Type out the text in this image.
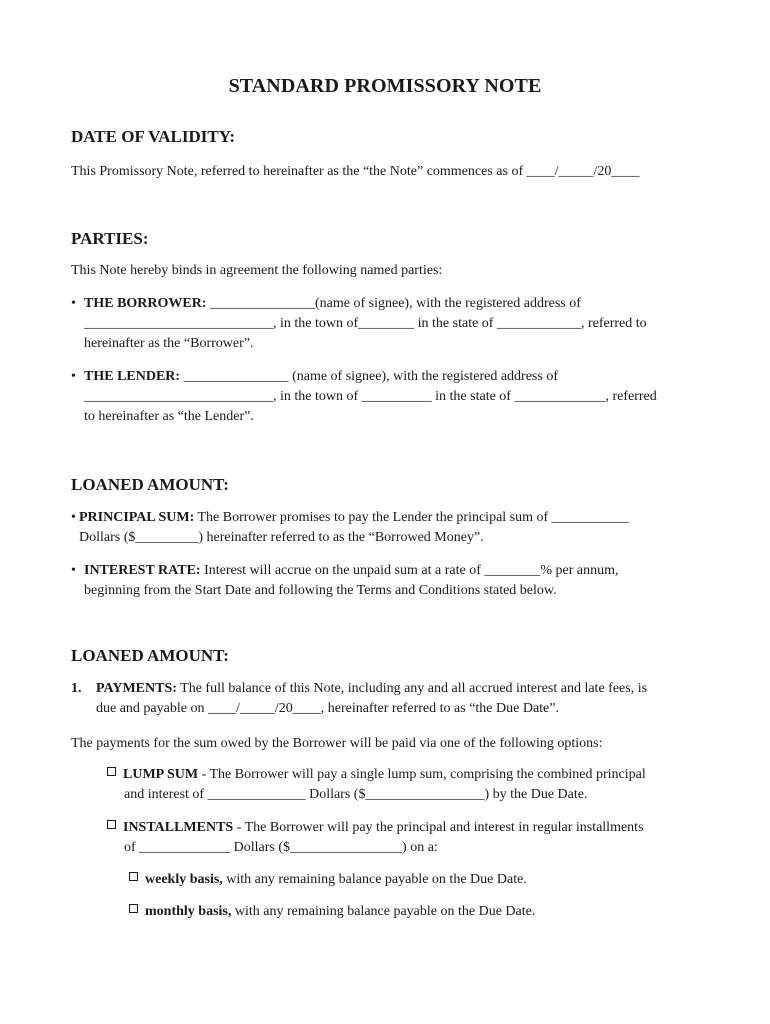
STANDARD PROMISSORY NOTE
DATE OF VALIDITY:
This Promissory Note, referred to hereinafter as the “the Note” commences as of ____/_____/20____
PARTIES:
This Note hereby binds in agreement the following named parties:
• THE BORROWER: _______________(name of signee), with the registered address of
___________________________, in the town of________ in the state of ____________, referred to
hereinafter as the “Borrower”.
• THE LENDER: _______________ (name of signee), with the registered address of
___________________________, in the town of __________ in the state of _____________, referred
to hereinafter as “the Lender”.
LOANED AMOUNT:
• PRINCIPAL SUM: The Borrower promises to pay the Lender the principal sum of ___________
Dollars ($_________) hereinafter referred to as the “Borrowed Money”.
• INTEREST RATE: Interest will accrue on the unpaid sum at a rate of ________% per annum,
beginning from the Start Date and following the Terms and Conditions stated below.
LOANED AMOUNT:
1. PAYMENTS: The full balance of this Note, including any and all accrued interest and late fees, is
due and payable on ____/_____/20____, hereinafter referred to as “the Due Date”.
The payments for the sum owed by the Borrower will be paid via one of the following options:
LUMP SUM - The Borrower will pay a single lump sum, comprising the combined principal
and interest of ______________ Dollars ($_________________) by the Due Date.
INSTALLMENTS - The Borrower will pay the principal and interest in regular installments
of _____________ Dollars ($________________) on a:
weekly basis, with any remaining balance payable on the Due Date.
monthly basis, with any remaining balance payable on the Due Date.
